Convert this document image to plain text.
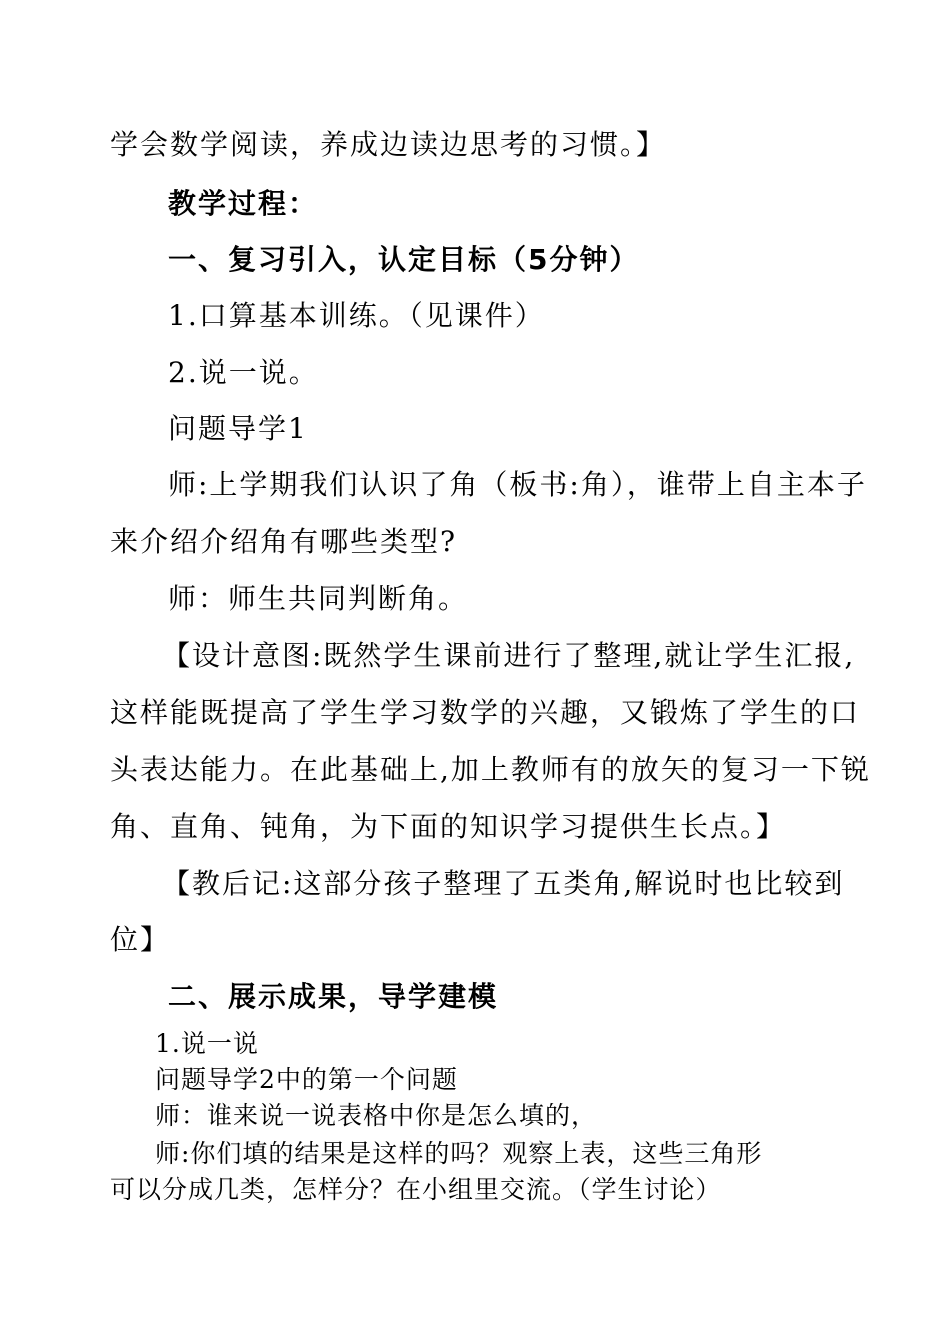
学会数学阅读，养成边读边思考的习惯。】

教学过程：

一、复习引入，认定目标（5分钟）

1.口算基本训练。（见课件）

2.说一说。

问题导学1

师:上学期我们认识了角（板书:角），谁带上自主本子

来介绍介绍角有哪些类型?

师：师生共同判断角。

【设计意图:既然学生课前进行了整理,就让学生汇报,

这样能既提高了学生学习数学的兴趣，又锻炼了学生的口

头表达能力。在此基础上,加上教师有的放矢的复习一下锐

角、直角、钝角，为下面的知识学习提供生长点。】

【教后记:这部分孩子整理了五类角,解说时也比较到

位】

二、展示成果，导学建模

1.说一说

问题导学2中的第一个问题

师：谁来说一说表格中你是怎么填的，

师:你们填的结果是这样的吗？观察上表，这些三角形

可以分成几类，怎样分？在小组里交流。（学生讨论）
